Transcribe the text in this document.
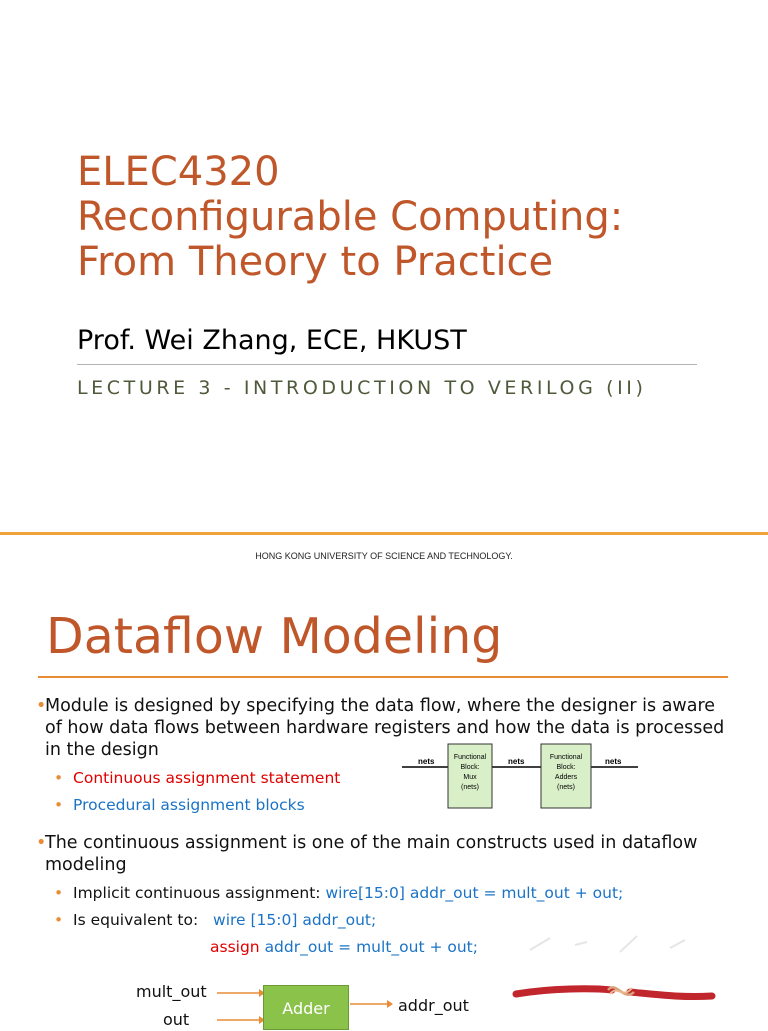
ELEC4320
Reconfigurable Computing:
From Theory to Practice
Prof. Wei Zhang, ECE, HKUST
LECTURE 3 - INTRODUCTION TO VERILOG (II)
HONG KONG UNIVERSITY OF SCIENCE AND TECHNOLOGY.
Dataflow Modeling
•
Module is designed by specifying the data flow, where the designer is aware of how data flows between hardware registers and how the data is processed in the design
• Continuous assignment statement
• Procedural assignment blocks
nets	nets	nets
Functional
Block:
Mux
(nets)
Functional
Block:
Adders
(nets)
•
The continuous assignment is one of the main constructs used in dataflow modeling
• Implicit continuous assignment: wire[15:0] addr_out = mult_out + out;
• Is equivalent to: wire [15:0] addr_out;
assign addr_out = mult_out + out;
mult_out
out
Adder	addr_out
